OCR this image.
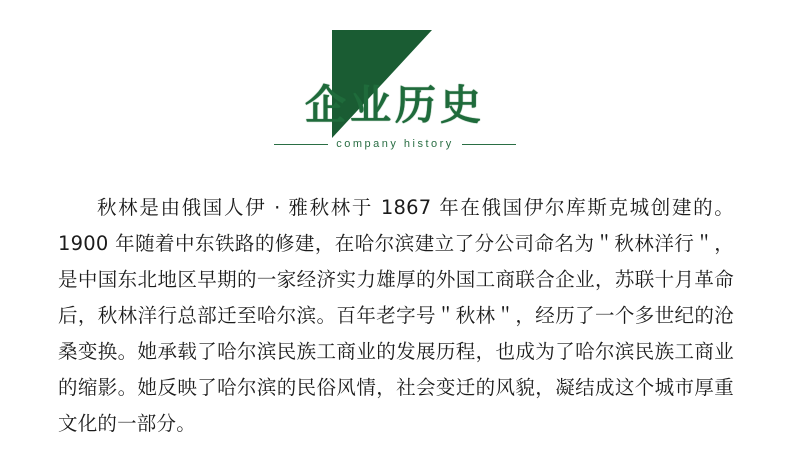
企业历史
company history
秋林是由俄国人伊 · 雅秋林于 1867 年在俄国伊尔库斯克城创建的。1900 年随着中东铁路的修建，在哈尔滨建立了分公司命名为＂秋林洋行＂，是中国东北地区早期的一家经济实力雄厚的外国工商联合企业，苏联十月革命后，秋林洋行总部迁至哈尔滨。百年老字号＂秋林＂，经历了一个多世纪的沧桑变换。她承载了哈尔滨民族工商业的发展历程，也成为了哈尔滨民族工商业的缩影。她反映了哈尔滨的民俗风情，社会变迁的风貌，凝结成这个城市厚重文化的一部分。
